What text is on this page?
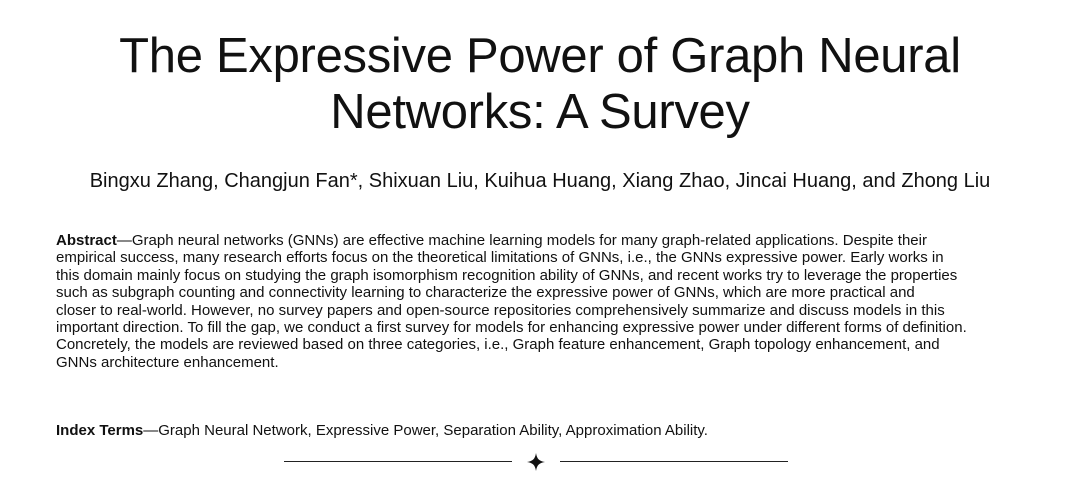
The Expressive Power of Graph Neural
Networks: A Survey

Bingxu Zhang, Changjun Fan*, Shixuan Liu, Kuihua Huang, Xiang Zhao, Jincai Huang, and Zhong Liu

Abstract—Graph neural networks (GNNs) are effective machine learning models for many graph-related applications. Despite their

empirical success, many research efforts focus on the theoretical limitations of GNNs, i.e., the GNNs expressive power. Early works in

this domain mainly focus on studying the graph isomorphism recognition ability of GNNs, and recent works try to leverage the properties

such as subgraph counting and connectivity learning to characterize the expressive power of GNNs, which are more practical and

closer to real-world. However, no survey papers and open-source repositories comprehensively summarize and discuss models in this

important direction. To fill the gap, we conduct a first survey for models for enhancing expressive power under different forms of definition.

Concretely, the models are reviewed based on three categories, i.e., Graph feature enhancement, Graph topology enhancement, and

GNNs architecture enhancement.

Index Terms—Graph Neural Network, Expressive Power, Separation Ability, Approximation Ability.
